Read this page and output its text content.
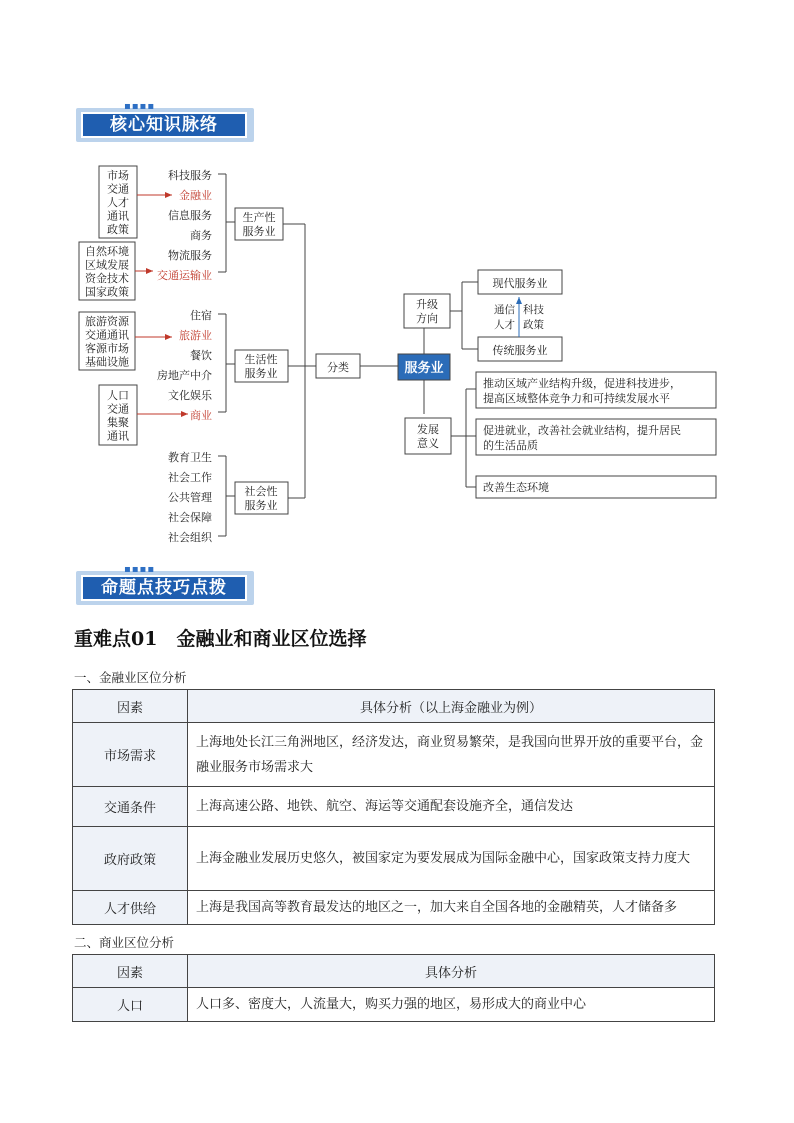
▪▪▪▪
核心知识脉络
科技服务
金融业
信息服务
商务
物流服务
交通运输业
生产性
服务业
住宿
旅游业
餐饮
房地产中介
文化娱乐
商业
生活性
服务业
教育卫生
社会工作
公共管理
社会保障
社会组织
社会性
服务业
市场
交通
人才
通讯
政策
自然环境
区域发展
资金技术
国家政策
旅游资源
交通通讯
客源市场
基础设施
人口
交通
集聚
通讯
分类	服务业
升级
方向
现代服务业
传统服务业
通信 科技
人才 政策
发展
意义
推动区域产业结构升级，促进科技进步，
提高区域整体竞争力和可持续发展水平
促进就业，改善社会就业结构，提升居民
的生活品质
改善生态环境
▪▪▪▪
命题点技巧点拨
重难点01　金融业和商业区位选择
一、金融业区位分析
因素	具体分析（以上海金融业为例）
市场需求	上海地处长江三角洲地区，经济发达，商业贸易繁荣，是我国向世界开放的重要平台，金融业服务市场需求大
交通条件	上海高速公路、地铁、航空、海运等交通配套设施齐全，通信发达
政府政策	上海金融业发展历史悠久，被国家定为要发展成为国际金融中心，国家政策支持力度大
人才供给	上海是我国高等教育最发达的地区之一，加大来自全国各地的金融精英，人才储备多
二、商业区位分析
因素	具体分析
人口	人口多、密度大，人流量大，购买力强的地区，易形成大的商业中心
